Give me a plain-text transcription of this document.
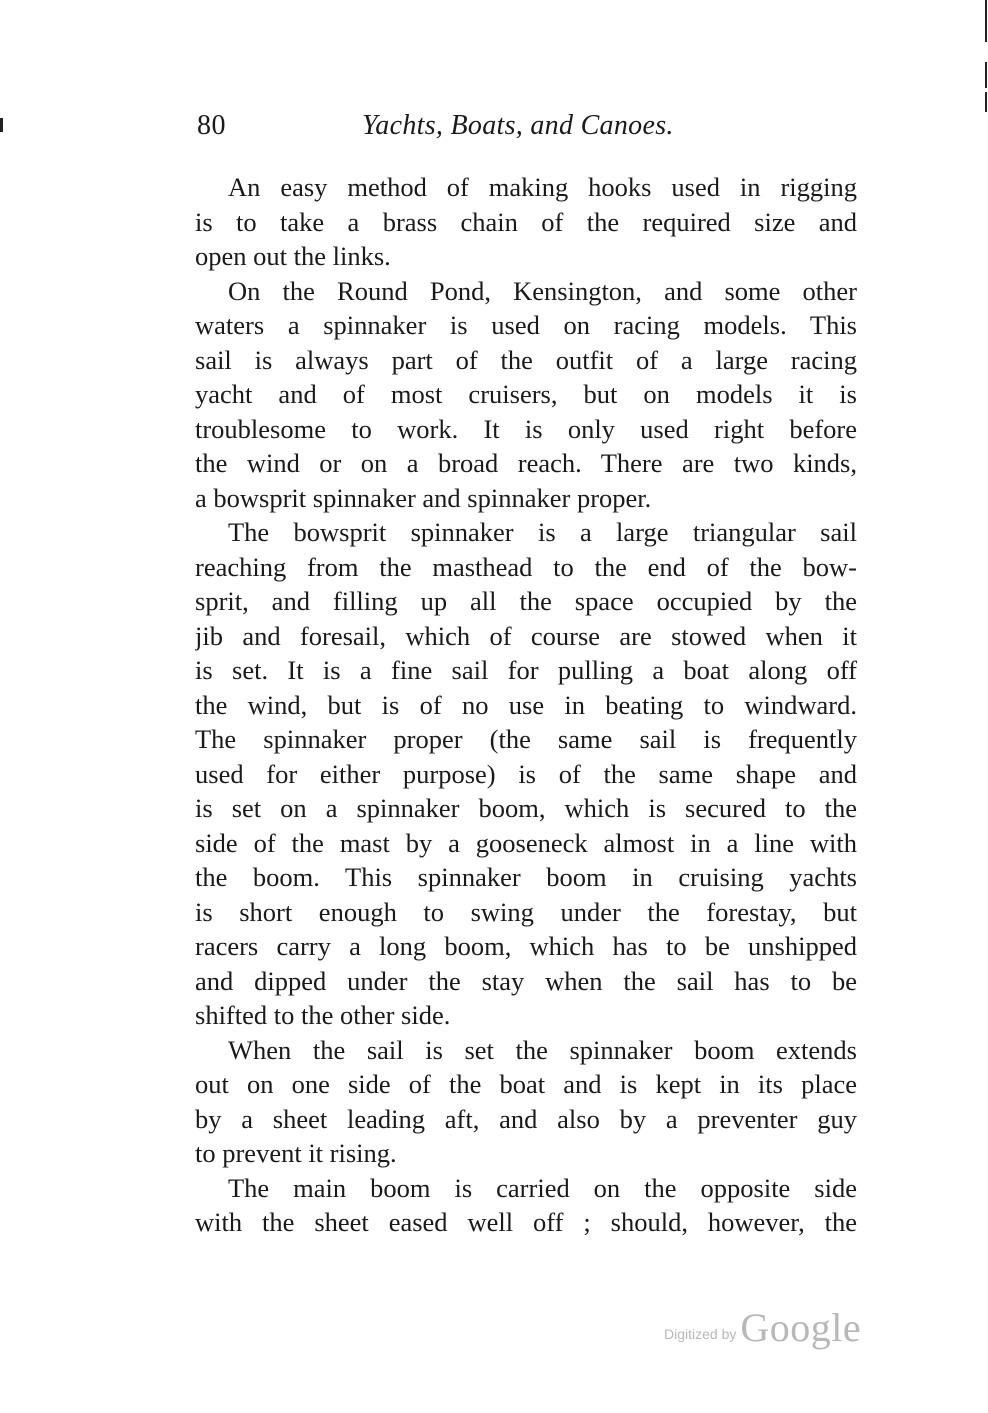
80	Yachts, Boats, and Canoes.
An easy method of making hooks used in rigging
is to take a brass chain of the required size and
open out the links.
On the Round Pond, Kensington, and some other
waters a spinnaker is used on racing models. This
sail is always part of the outfit of a large racing
yacht and of most cruisers, but on models it is
troublesome to work. It is only used right before
the wind or on a broad reach. There are two kinds,
a bowsprit spinnaker and spinnaker proper.
The bowsprit spinnaker is a large triangular sail
reaching from the masthead to the end of the bow-
sprit, and filling up all the space occupied by the
jib and foresail, which of course are stowed when it
is set. It is a fine sail for pulling a boat along off
the wind, but is of no use in beating to windward.
The spinnaker proper (the same sail is frequently
used for either purpose) is of the same shape and
is set on a spinnaker boom, which is secured to the
side of the mast by a gooseneck almost in a line with
the boom. This spinnaker boom in cruising yachts
is short enough to swing under the forestay, but
racers carry a long boom, which has to be unshipped
and dipped under the stay when the sail has to be
shifted to the other side.
When the sail is set the spinnaker boom extends
out on one side of the boat and is kept in its place
by a sheet leading aft, and also by a preventer guy
to prevent it rising.
The main boom is carried on the opposite side
with the sheet eased well off ; should, however, the
Digitized by Google
